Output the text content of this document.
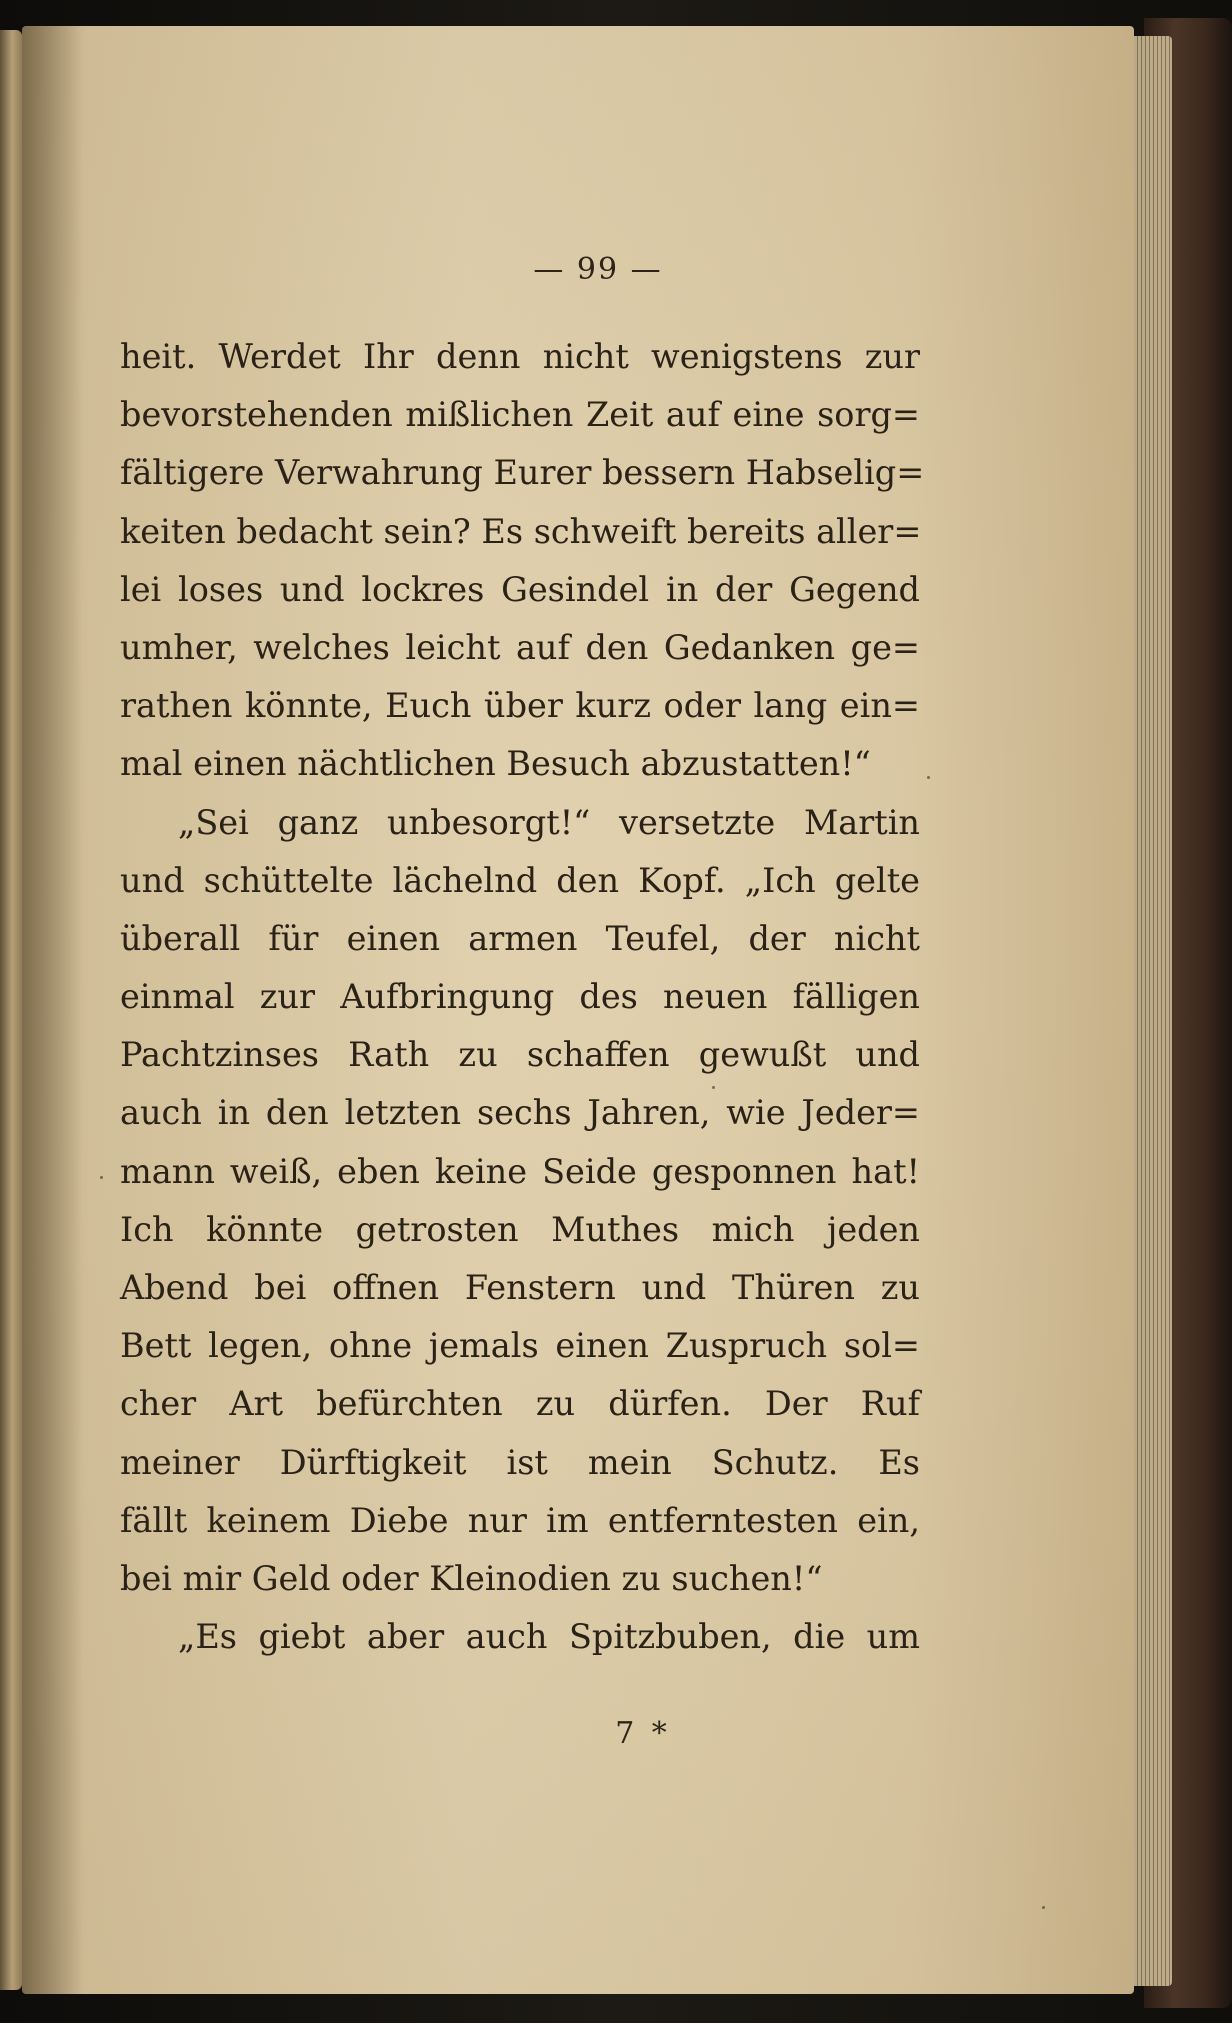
— 99 —
heit. Werdet Ihr denn nicht wenigstens zur
bevorstehenden mißlichen Zeit auf eine sorg=
fältigere Verwahrung Eurer bessern Habselig=
keiten bedacht sein? Es schweift bereits aller=
lei loses und lockres Gesindel in der Gegend
umher, welches leicht auf den Gedanken ge=
rathen könnte, Euch über kurz oder lang ein=
mal einen nächtlichen Besuch abzustatten!“
„Sei ganz unbesorgt!“ versetzte Martin
und schüttelte lächelnd den Kopf. „Ich gelte
überall für einen armen Teufel, der nicht
einmal zur Aufbringung des neuen fälligen
Pachtzinses Rath zu schaffen gewußt und
auch in den letzten sechs Jahren, wie Jeder=
mann weiß, eben keine Seide gesponnen hat!
Ich könnte getrosten Muthes mich jeden
Abend bei offnen Fenstern und Thüren zu
Bett legen, ohne jemals einen Zuspruch sol=
cher Art befürchten zu dürfen. Der Ruf
meiner Dürftigkeit ist mein Schutz. Es
fällt keinem Diebe nur im entferntesten ein,
bei mir Geld oder Kleinodien zu suchen!“
„Es giebt aber auch Spitzbuben, die um
7 *
